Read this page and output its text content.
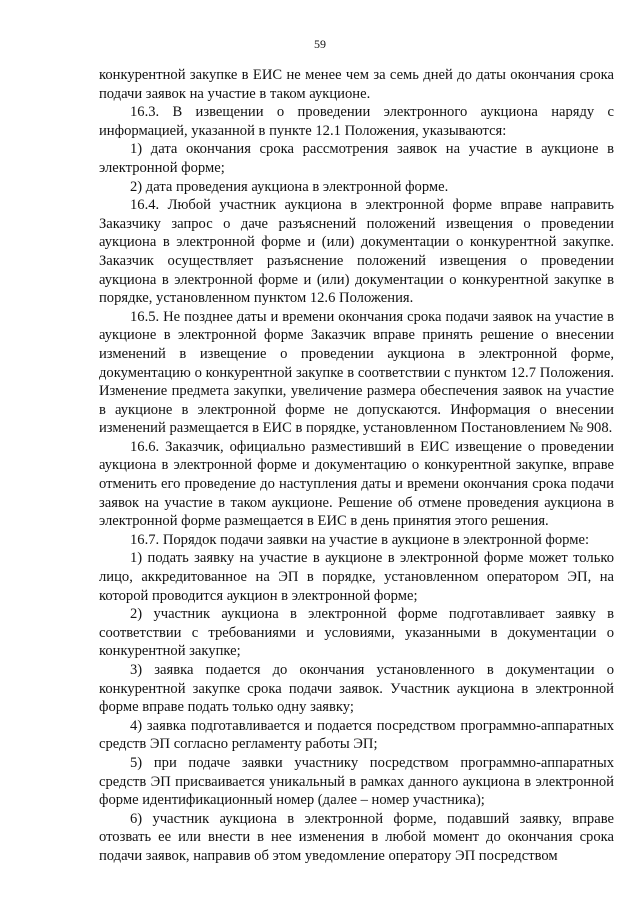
59

конкурентной закупке в ЕИС не менее чем за семь дней до даты окончания срока подачи заявок на участие в таком аукционе.

16.3. В извещении о проведении электронного аукциона наряду с информацией, указанной в пункте 12.1 Положения, указываются:

1) дата окончания срока рассмотрения заявок на участие в аукционе в электронной форме;

2) дата проведения аукциона в электронной форме.

16.4. Любой участник аукциона в электронной форме вправе направить Заказчику запрос о даче разъяснений положений извещения о проведении аукциона в электронной форме и (или) документации о конкурентной закупке. Заказчик осуществляет разъяснение положений извещения о проведении аукциона в электронной форме и (или) документации о конкурентной закупке в порядке, установленном пунктом 12.6 Положения.

16.5. Не позднее даты и времени окончания срока подачи заявок на участие в аукционе в электронной форме Заказчик вправе принять решение о внесении изменений в извещение о проведении аукциона в электронной форме, документацию о конкурентной закупке в соответствии с пунктом 12.7 Положения. Изменение предмета закупки, увеличение размера обеспечения заявок на участие в аукционе в электронной форме не допускаются. Информация о внесении изменений размещается в ЕИС в порядке, установленном Постановлением № 908.

16.6. Заказчик, официально разместивший в ЕИС извещение о проведении аукциона в электронной форме и документацию о конкурентной закупке, вправе отменить его проведение до наступления даты и времени окончания срока подачи заявок на участие в таком аукционе. Решение об отмене проведения аукциона в электронной форме размещается в ЕИС в день принятия этого решения.

16.7. Порядок подачи заявки на участие в аукционе в электронной форме:

1) подать заявку на участие в аукционе в электронной форме может только лицо, аккредитованное на ЭП в порядке, установленном оператором ЭП, на которой проводится аукцион в электронной форме;

2) участник аукциона в электронной форме подготавливает заявку в соответствии с требованиями и условиями, указанными в документации о конкурентной закупке;

3) заявка подается до окончания установленного в документации о конкурентной закупке срока подачи заявок. Участник аукциона в электронной форме вправе подать только одну заявку;

4) заявка подготавливается и подается посредством программно-аппаратных средств ЭП согласно регламенту работы ЭП;

5) при подаче заявки участнику посредством программно-аппаратных средств ЭП присваивается уникальный в рамках данного аукциона в электронной форме идентификационный номер (далее – номер участника);

6) участник аукциона в электронной форме, подавший заявку, вправе отозвать ее или внести в нее изменения в любой момент до окончания срока подачи заявок, направив об этом уведомление оператору ЭП посредством
